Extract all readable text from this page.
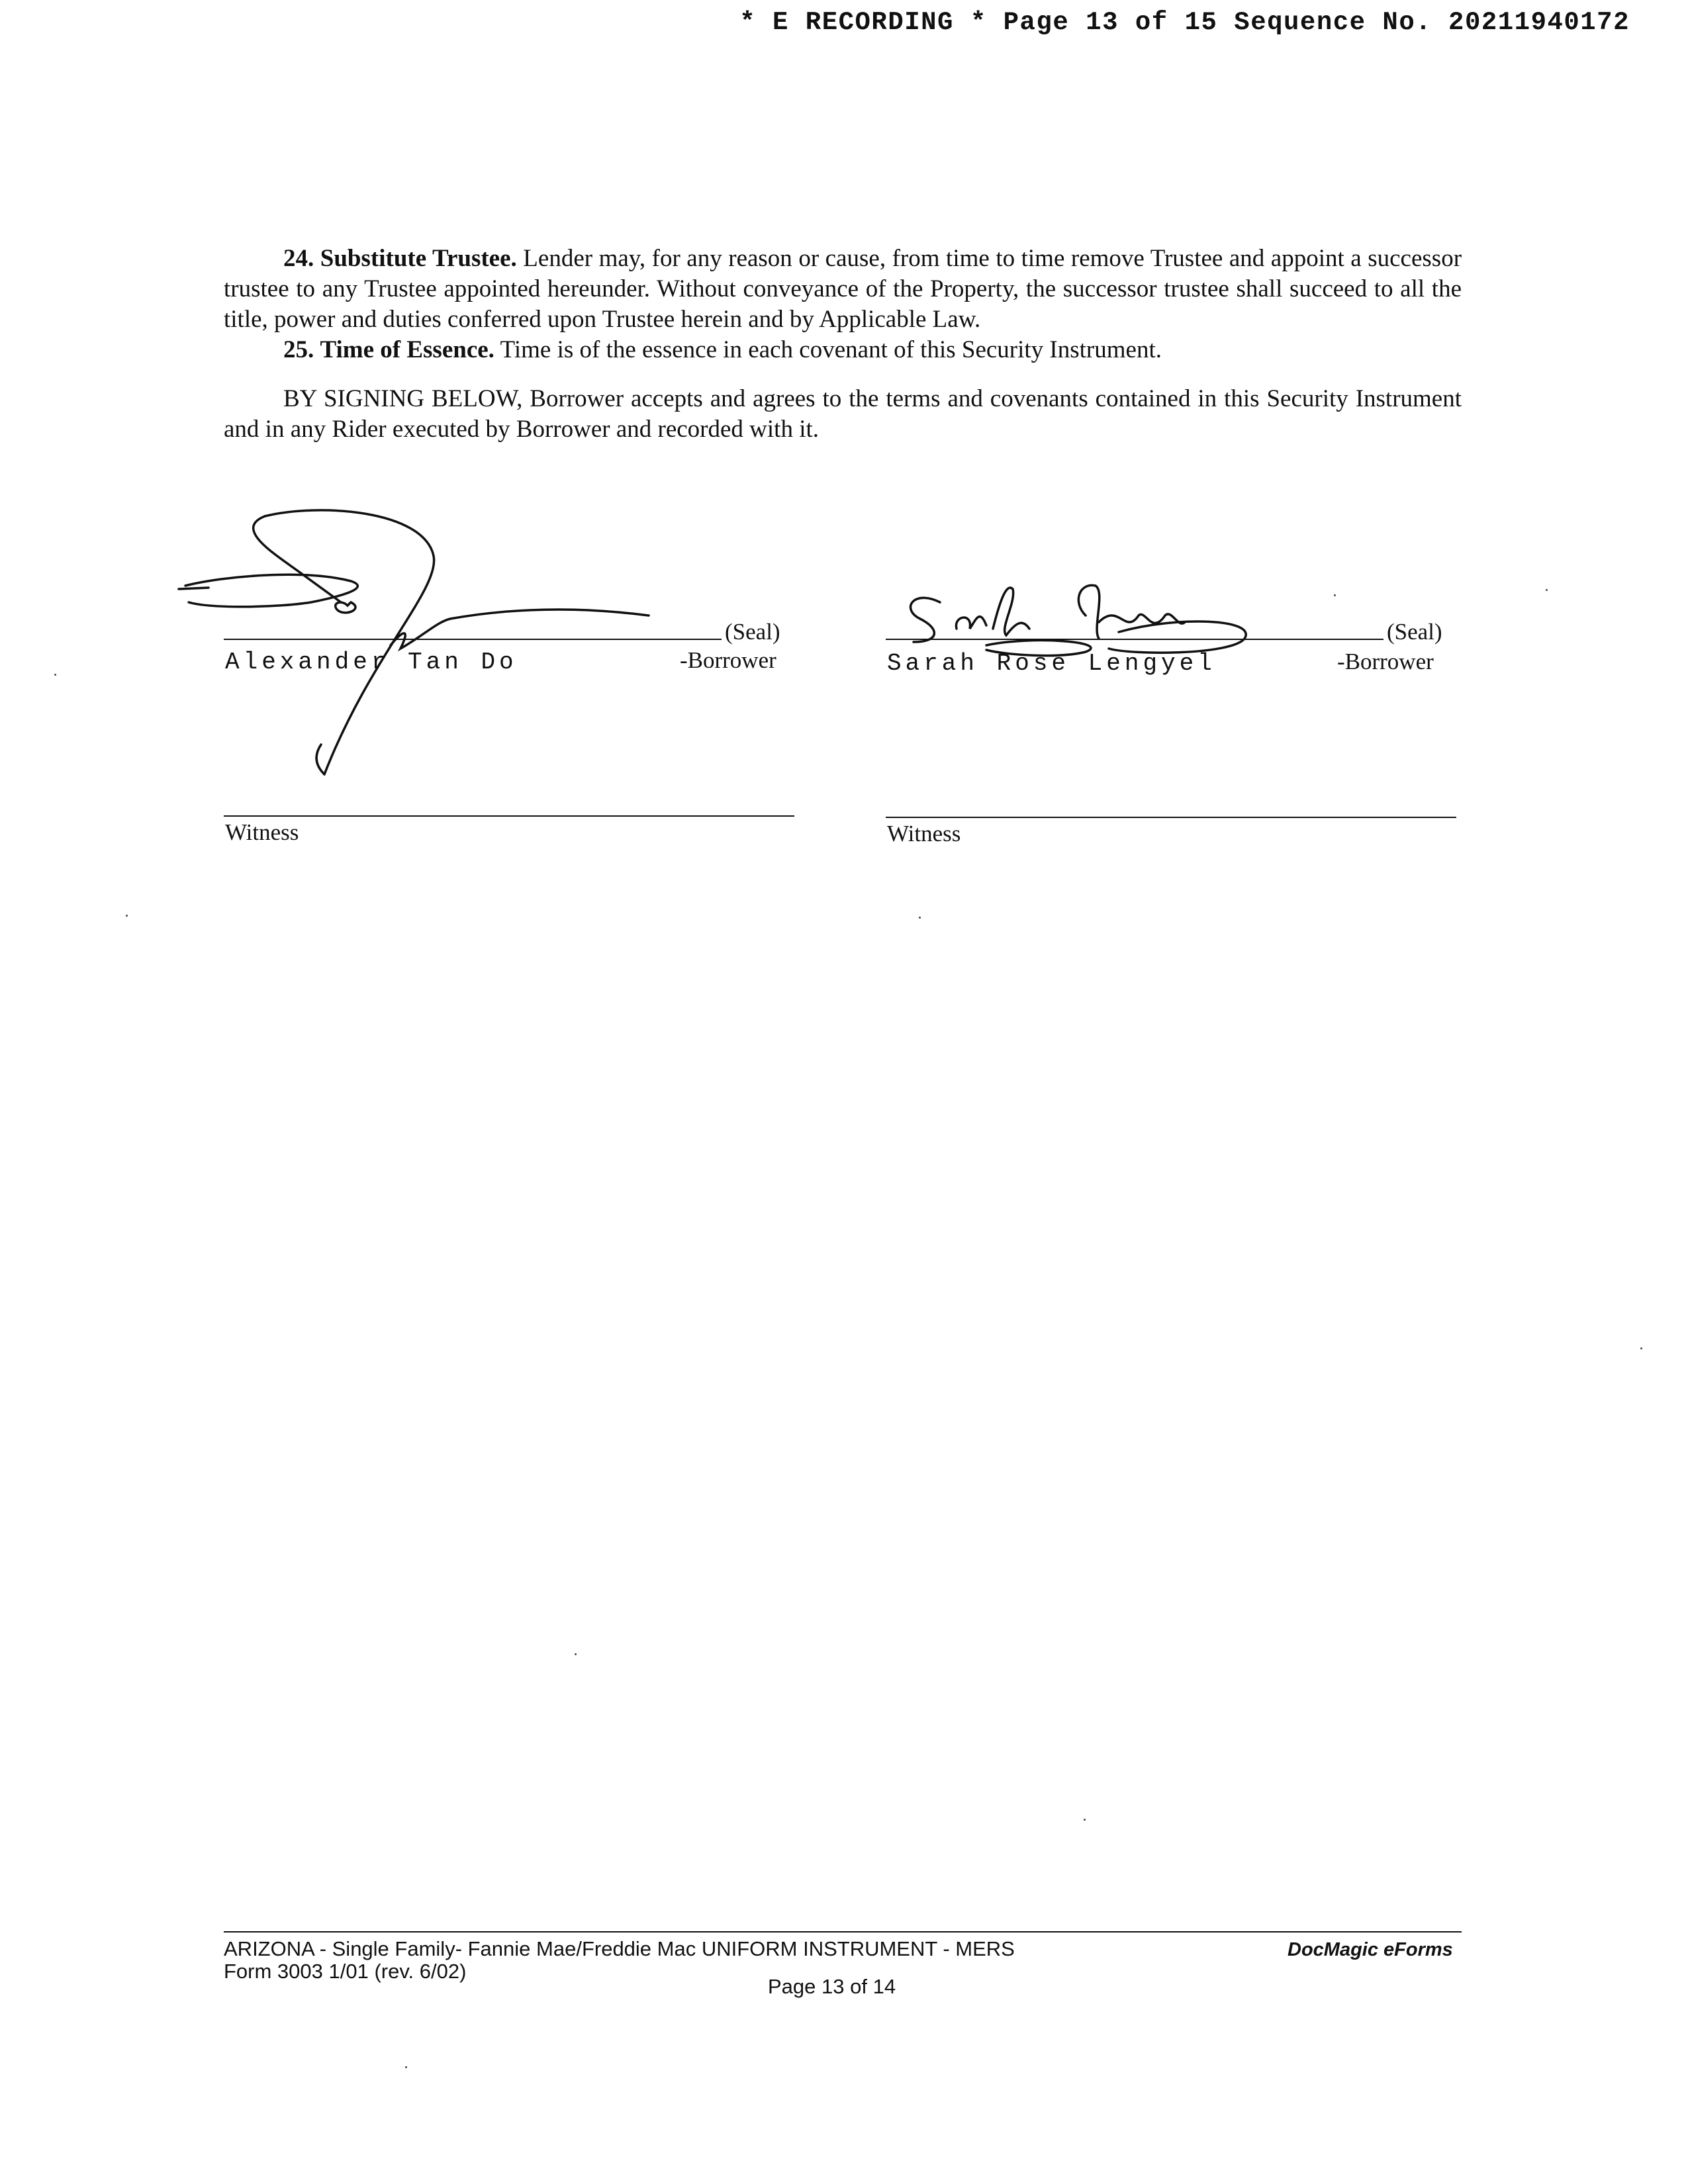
* E RECORDING * Page 13 of 15 Sequence No. 20211940172

24. Substitute Trustee. Lender may, for any reason or cause, from time to time remove Trustee and appoint a successor trustee to any Trustee appointed hereunder. Without conveyance of the Property, the successor trustee shall succeed to all the title, power and duties conferred upon Trustee herein and by Applicable Law.

25. Time of Essence. Time is of the essence in each covenant of this Security Instrument.

BY SIGNING BELOW, Borrower accepts and agrees to the terms and covenants contained in this Security Instrument and in any Rider executed by Borrower and recorded with it.

(Seal)
Alexander Tan Do	-Borrower
Witness
(Seal)
Sarah Rose Lengyel	-Borrower
Witness
ARIZONA - Single Family- Fannie Mae/Freddie Mac UNIFORM INSTRUMENT - MERS
Form 3003 1/01 (rev. 6/02)
Page 13 of 14
DocMagic eForms
